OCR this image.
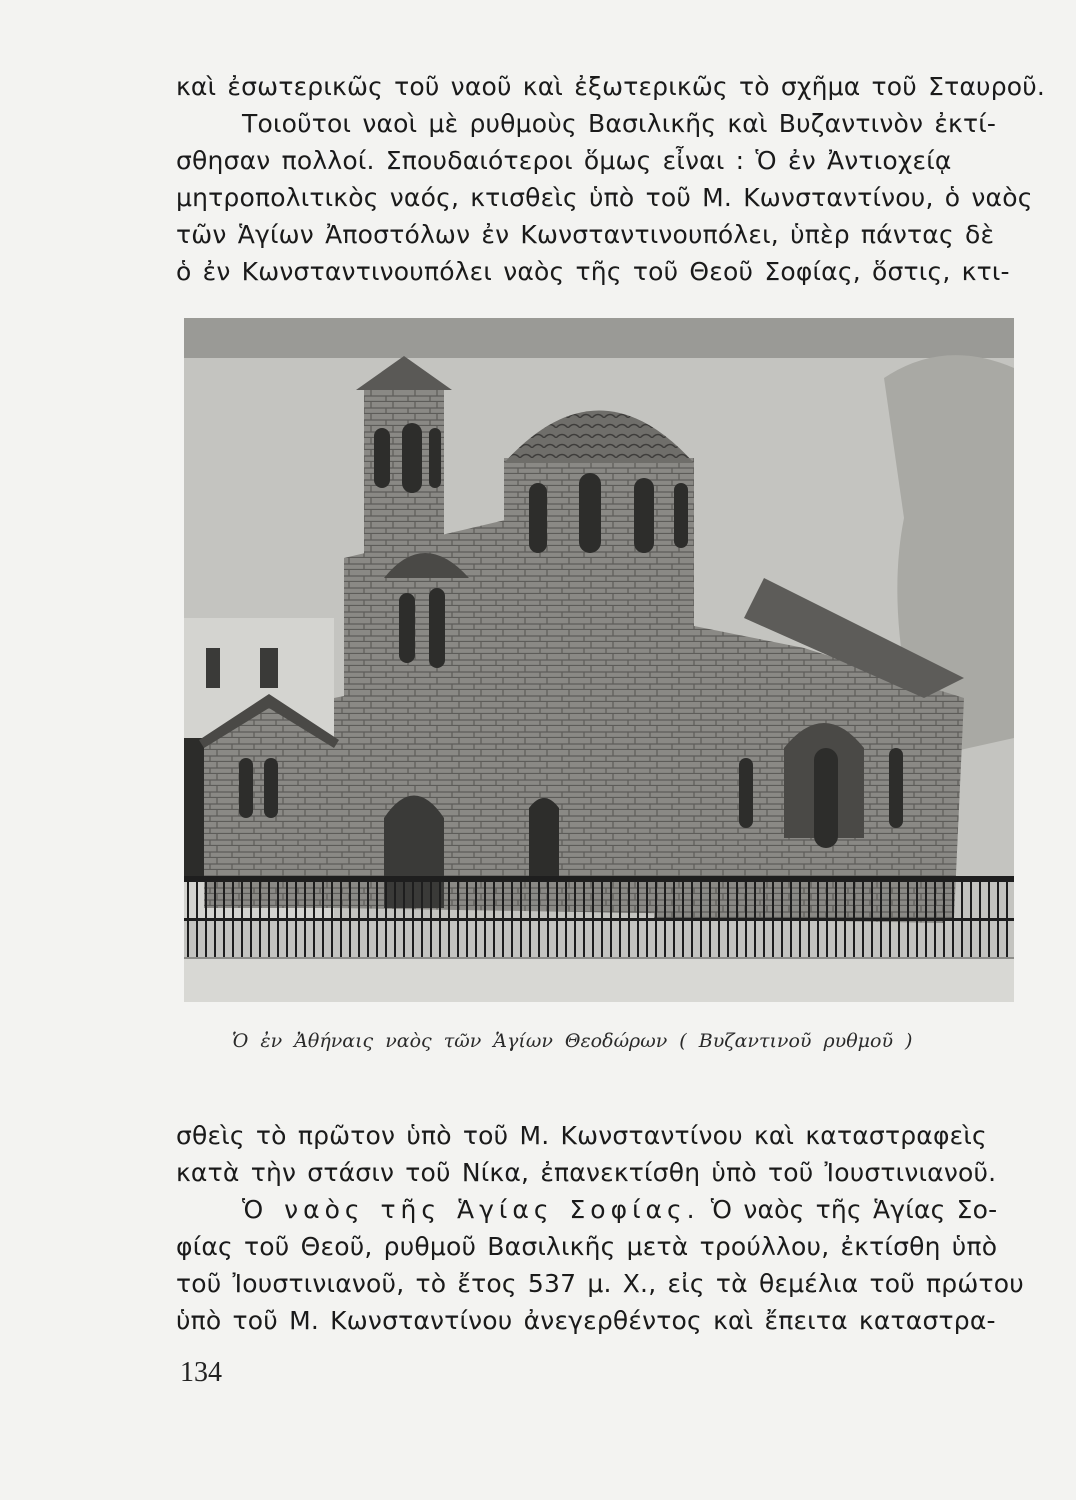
καὶ ἐσωτερικῶς τοῦ ναοῦ καὶ ἐξωτερικῶς τὸ σχῆμα τοῦ Σταυροῦ.
Τοιοῦτοι ναοὶ μὲ ρυθμοὺς Βασιλικῆς καὶ Βυζαντινὸν ἐκτί-
σθησαν πολλοί. Σπουδαιότεροι ὅμως εἶναι : Ὁ ἐν Ἀντιοχείᾳ
μητροπολιτικὸς ναός, κτισθεὶς ὑπὸ τοῦ Μ. Κωνσταντίνου, ὁ ναὸς
τῶν Ἁγίων Ἀποστόλων ἐν Κωνσταντινουπόλει, ὑπὲρ πάντας δὲ
ὁ ἐν Κωνσταντινουπόλει ναὸς τῆς τοῦ Θεοῦ Σοφίας, ὅστις, κτι-
Ὁ ἐν Ἀθήναις ναὸς τῶν Ἁγίων Θεοδώρων ( Βυζαντινοῦ ρυθμοῦ )
σθεὶς τὸ πρῶτον ὑπὸ τοῦ Μ. Κωνσταντίνου καὶ καταστραφεὶς
κατὰ τὴν στάσιν τοῦ Νίκα, ἐπανεκτίσθη ὑπὸ τοῦ Ἰουστινιανοῦ.
Ὁ ναὸς τῆς Ἁγίας Σοφίας. Ὁ ναὸς τῆς Ἁγίας Σο-
φίας τοῦ Θεοῦ, ρυθμοῦ Βασιλικῆς μετὰ τρούλλου, ἐκτίσθη ὑπὸ
τοῦ Ἰουστινιανοῦ, τὸ ἔτος 537 μ. Χ., εἰς τὰ θεμέλια τοῦ πρώτου
ὑπὸ τοῦ Μ. Κωνσταντίνου ἀνεγερθέντος καὶ ἔπειτα καταστρα-
134
